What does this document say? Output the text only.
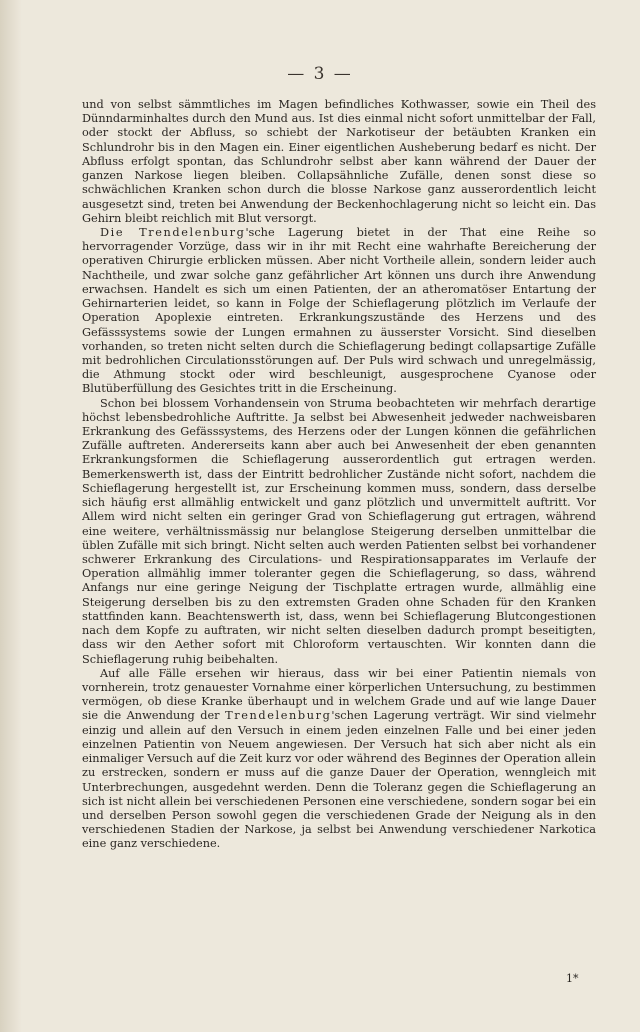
— 3 —

und von selbst sämmtliches im Magen befindliches Kothwasser, sowie ein Theil des Dünndarminhaltes durch den Mund aus. Ist dies einmal nicht sofort unmittelbar der Fall, oder stockt der Abfluss, so schiebt der Narkotiseur der betäubten Kranken ein Schlundrohr bis in den Magen ein. Einer eigentlichen Ausheberung bedarf es nicht. Der Abfluss erfolgt spontan, das Schlundrohr selbst aber kann während der Dauer der ganzen Narkose liegen bleiben. Collapsähnliche Zufälle, denen sonst diese so schwächlichen Kranken schon durch die blosse Narkose ganz ausserordentlich leicht ausgesetzt sind, treten bei Anwendung der Beckenhochlagerung nicht so leicht ein. Das Gehirn bleibt reichlich mit Blut versorgt.

Die Trendelenburg'sche Lagerung bietet in der That eine Reihe so hervorragender Vorzüge, dass wir in ihr mit Recht eine wahrhafte Bereicherung der operativen Chirurgie erblicken müssen. Aber nicht Vortheile allein, sondern leider auch Nachtheile, und zwar solche ganz gefährlicher Art können uns durch ihre Anwendung erwachsen. Handelt es sich um einen Patienten, der an atheromatöser Entartung der Gehirnarterien leidet, so kann in Folge der Schieflagerung plötzlich im Verlaufe der Operation Apoplexie eintreten. Erkrankungszustände des Herzens und des Gefässsystems sowie der Lungen ermahnen zu äusserster Vorsicht. Sind dieselben vorhanden, so treten nicht selten durch die Schieflagerung bedingt collapsartige Zufälle mit bedrohlichen Circulationsstörungen auf. Der Puls wird schwach und unregelmässig, die Athmung stockt oder wird beschleunigt, ausgesprochene Cyanose oder Blutüberfüllung des Gesichtes tritt in die Erscheinung.

Schon bei blossem Vorhandensein von Struma beobachteten wir mehrfach derartige höchst lebensbedrohliche Auftritte. Ja selbst bei Abwesenheit jedweder nachweisbaren Erkrankung des Gefässsystems, des Herzens oder der Lungen können die gefährlichen Zufälle auftreten. Andererseits kann aber auch bei Anwesenheit der eben genannten Erkrankungsformen die Schieflagerung ausserordentlich gut ertragen werden. Bemerkenswerth ist, dass der Eintritt bedrohlicher Zustände nicht sofort, nachdem die Schieflagerung hergestellt ist, zur Erscheinung kommen muss, sondern, dass derselbe sich häufig erst allmählig entwickelt und ganz plötzlich und unvermittelt auftritt. Vor Allem wird nicht selten ein geringer Grad von Schieflagerung gut ertragen, während eine weitere, verhältnissmässig nur belanglose Steigerung derselben unmittelbar die üblen Zufälle mit sich bringt. Nicht selten auch werden Patienten selbst bei vorhandener schwerer Erkrankung des Circulations- und Respirationsapparates im Verlaufe der Operation allmählig immer toleranter gegen die Schieflagerung, so dass, während Anfangs nur eine geringe Neigung der Tischplatte ertragen wurde, allmählig eine Steigerung derselben bis zu den extremsten Graden ohne Schaden für den Kranken stattfinden kann. Beachtenswerth ist, dass, wenn bei Schieflagerung Blutcongestionen nach dem Kopfe zu auftraten, wir nicht selten dieselben dadurch prompt beseitigten, dass wir den Aether sofort mit Chloroform vertauschten. Wir konnten dann die Schieflagerung ruhig beibehalten.

Auf alle Fälle ersehen wir hieraus, dass wir bei einer Patientin niemals von vornherein, trotz genauester Vornahme einer körperlichen Untersuchung, zu bestimmen vermögen, ob diese Kranke überhaupt und in welchem Grade und auf wie lange Dauer sie die Anwendung der Trendelenburg'schen Lagerung verträgt. Wir sind vielmehr einzig und allein auf den Versuch in einem jeden einzelnen Falle und bei einer jeden einzelnen Patientin von Neuem angewiesen. Der Versuch hat sich aber nicht als ein einmaliger Versuch auf die Zeit kurz vor oder während des Beginnes der Operation allein zu erstrecken, sondern er muss auf die ganze Dauer der Operation, wenngleich mit Unterbrechungen, ausgedehnt werden. Denn die Toleranz gegen die Schieflagerung an sich ist nicht allein bei verschiedenen Personen eine verschiedene, sondern sogar bei ein und derselben Person sowohl gegen die verschiedenen Grade der Neigung als in den verschiedenen Stadien der Narkose, ja selbst bei Anwendung verschiedener Narkotica eine ganz verschiedene.

1*
